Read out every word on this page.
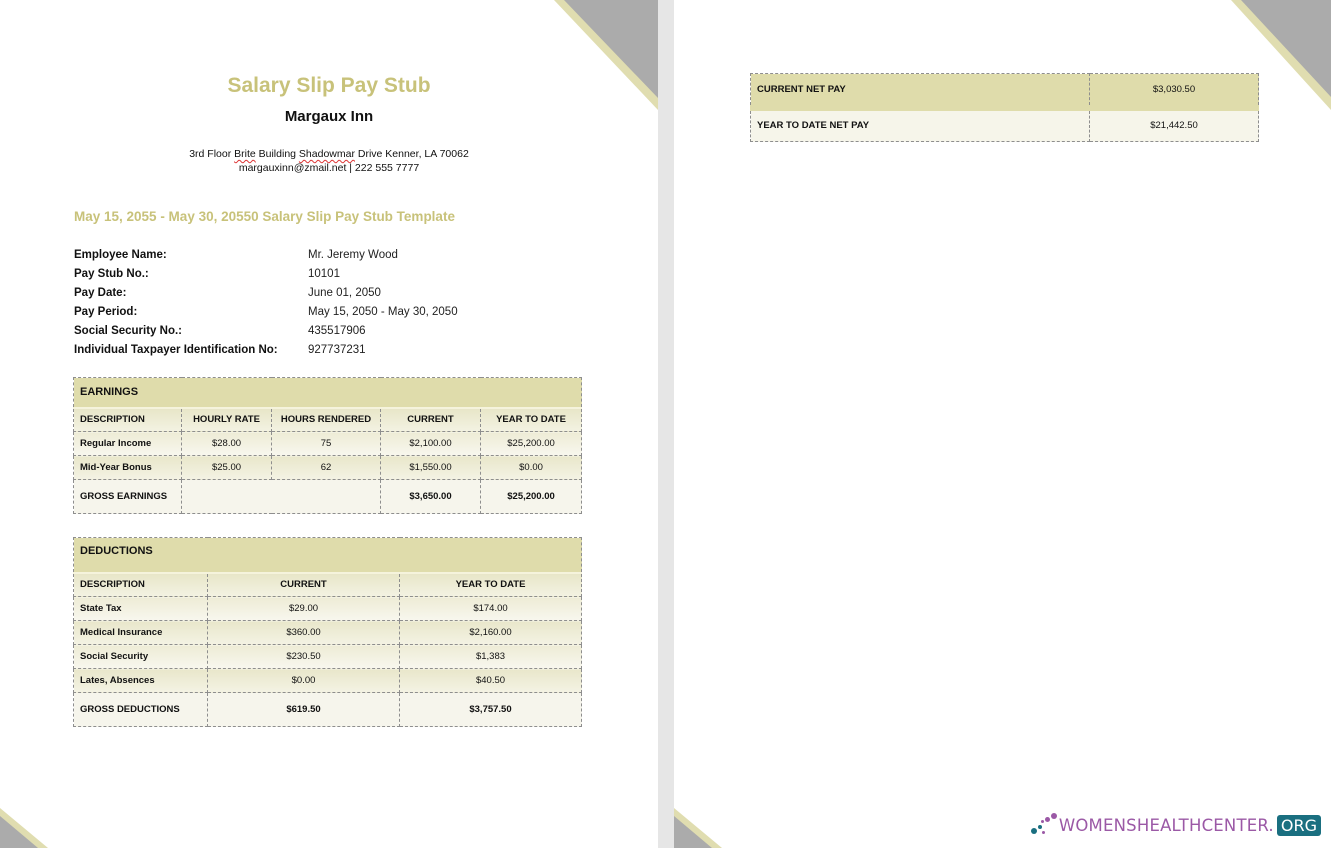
Salary Slip Pay Stub
Margaux Inn
3rd Floor Brite Building Shadowmar Drive Kenner, LA 70062
margauxinn@zmail.net | 222 555 7777
May 15, 2055 - May 30, 20550 Salary Slip Pay Stub Template
Employee Name:	Mr. Jeremy Wood
Pay Stub No.:	10101
Pay Date:	June 01, 2050
Pay Period:	May 15, 2050 - May 30, 2050
Social Security No.:	435517906
Individual Taxpayer Identification No:	927737231
EARNINGS				
DESCRIPTION	HOURLY RATE	HOURS RENDERED	CURRENT	YEAR TO DATE
Regular Income	$28.00	75	$2,100.00	$25,200.00
Mid-Year Bonus	$25.00	62	$1,550.00	$0.00
GROSS EARNINGS			$3,650.00	$25,200.00
DEDUCTIONS		
DESCRIPTION	CURRENT	YEAR TO DATE
State Tax	$29.00	$174.00
Medical Insurance	$360.00	$2,160.00
Social Security	$230.50	$1,383
Lates, Absences	$0.00	$40.50
GROSS DEDUCTIONS	$619.50	$3,757.50
CURRENT NET PAY	$3,030.50
YEAR TO DATE NET PAY	$21,442.50
WOMENSHEALTHCENTER. ORG
